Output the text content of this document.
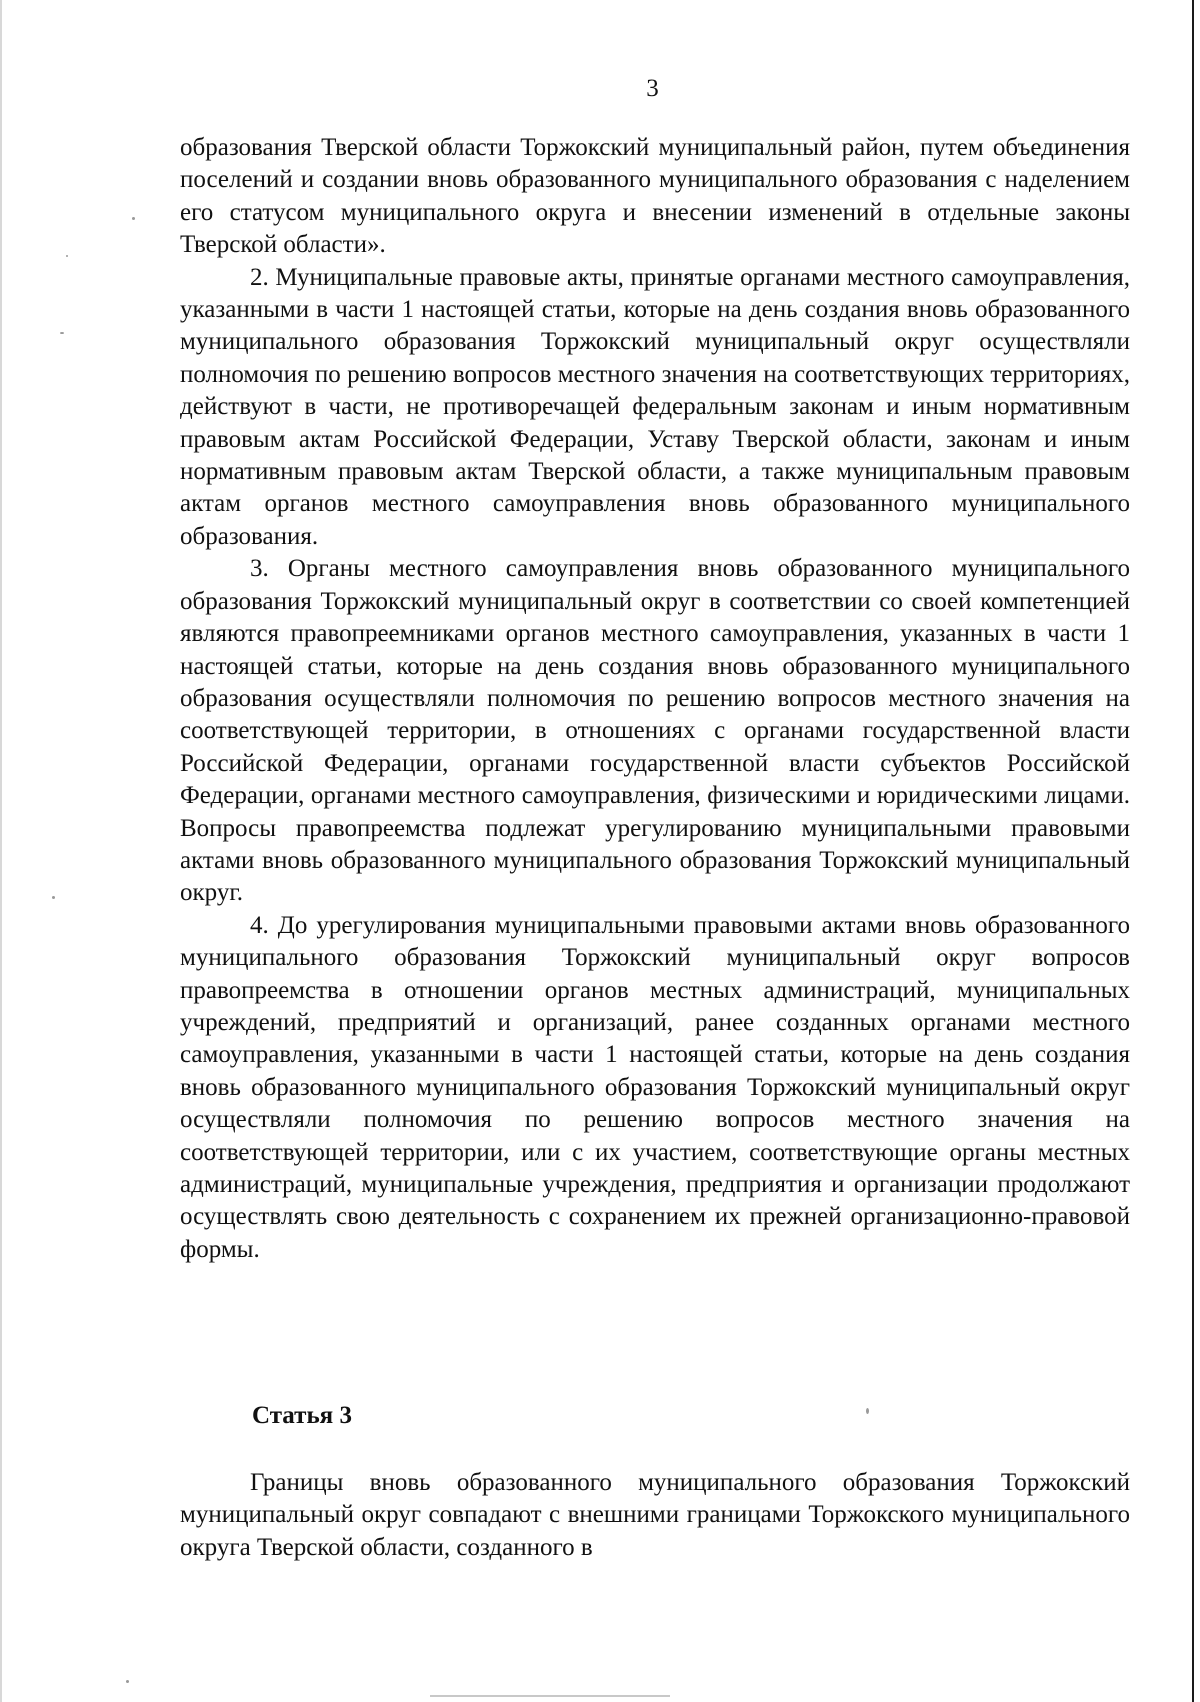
3

образования Тверской области Торжокский муниципальный район, путем объединения поселений и создании вновь образованного муниципального образования с наделением его статусом муниципального округа и внесении изменений в отдельные законы Тверской области».

2. Муниципальные правовые акты, принятые органами местного самоуправления, указанными в части 1 настоящей статьи, которые на день создания вновь образованного муниципального образования Торжокский муниципальный округ осуществляли полномочия по решению вопросов местного значения на соответствующих территориях, действуют в части, не противоречащей федеральным законам и иным нормативным правовым актам Российской Федерации, Уставу Тверской области, законам и иным нормативным правовым актам Тверской области, а также муниципальным правовым актам органов местного самоуправления вновь образованного муниципального образования.

3. Органы местного самоуправления вновь образованного муниципального образования Торжокский муниципальный округ в соответствии со своей компетенцией являются правопреемниками органов местного самоуправления, указанных в части 1 настоящей статьи, которые на день создания вновь образованного муниципального образования осуществляли полномочия по решению вопросов местного значения на соответствующей территории, в отношениях с органами государственной власти Российской Федерации, органами государственной власти субъектов Российской Федерации, органами местного самоуправления, физическими и юридическими лицами. Вопросы правопреемства подлежат урегулированию муниципальными правовыми актами вновь образованного муниципального образования Торжокский муниципальный округ.

4. До урегулирования муниципальными правовыми актами вновь образованного муниципального образования Торжокский муниципальный округ вопросов правопреемства в отношении органов местных администраций, муниципальных учреждений, предприятий и организаций, ранее созданных органами местного самоуправления, указанными в части 1 настоящей статьи, которые на день создания вновь образованного муниципального образования Торжокский муниципальный округ осуществляли полномочия по решению вопросов местного значения на соответствующей территории, или с их участием, соответствующие органы местных администраций, муниципальные учреждения, предприятия и организации продолжают осуществлять свою деятельность с сохранением их прежней организационно-правовой формы.

Статья 3

Границы вновь образованного муниципального образования Торжокский муниципальный округ совпадают с внешними границами Торжокского муниципального округа Тверской области, созданного в
